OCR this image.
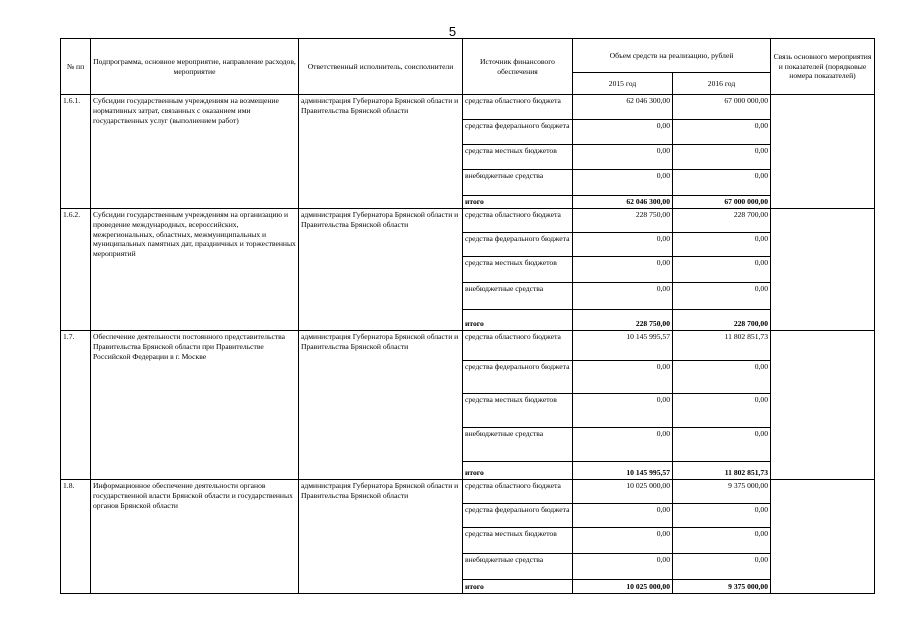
5
№ пп	Подпрограмма, основное мероприятие, направление расходов, мероприятие	Ответственный исполнитель, соисполнители	Источник финансового обеспечения	Объем средств на реализацию, рублей		Связь основного мероприятия и показателей (порядковые номера показателей)
				2015 год	2016 год	
1.6.1.	Субсидии государственным учреждениям на возмещение нормативных затрат, связанных с оказанием ими государственных услуг (выполнением работ)	администрация Губернатора Брянской области и Правительства Брянской области	средства областного бюджета	62 046 300,00	67 000 000,00	
			средства федерального бюджета	0,00	0,00	
			средства местных бюджетов	0,00	0,00	
			внебюджетные средства	0,00	0,00	
			итого	62 046 300,00	67 000 000,00	
1.6.2.	Субсидии государственным учреждениям на организацию и проведение международных, всероссийских, межрегиональных, областных, межмуниципальных и муниципальных памятных дат, праздничных и торжественных мероприятий	администрация Губернатора Брянской области и Правительства Брянской области	средства областного бюджета	228 750,00	228 700,00	
			средства федерального бюджета	0,00	0,00	
			средства местных бюджетов	0,00	0,00	
			внебюджетные средства	0,00	0,00	
			итого	228 750,00	228 700,00	
1.7.	Обеспечение деятельности постоянного представительства Правительства Брянской области при Правительстве Российской Федерации в г. Москве	администрация Губернатора Брянской области и Правительства Брянской области	средства областного бюджета	10 145 995,57	11 802 851,73	
			средства федерального бюджета	0,00	0,00	
			средства местных бюджетов	0,00	0,00	
			внебюджетные средства	0,00	0,00	
			итого	10 145 995,57	11 802 851,73	
1.8.	Информационное обеспечение деятельности органов государственной власти Брянской области и государственных органов Брянской области	администрация Губернатора Брянской области и Правительства Брянской области	средства областного бюджета	10 025 000,00	9 375 000,00	
			средства федерального бюджета	0,00	0,00	
			средства местных бюджетов	0,00	0,00	
			внебюджетные средства	0,00	0,00	
			итого	10 025 000,00	9 375 000,00	
